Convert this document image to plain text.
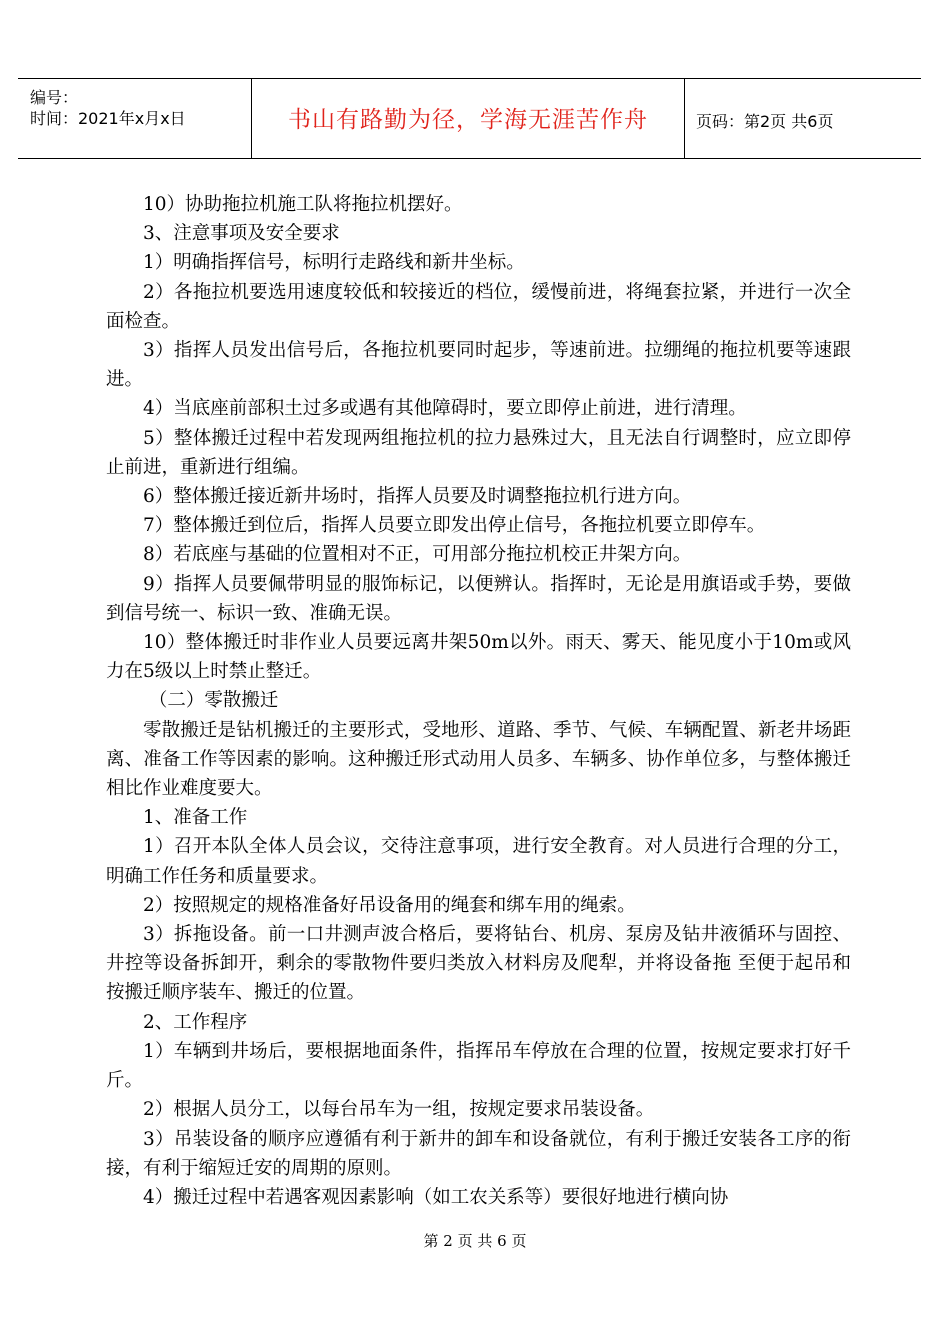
编号：
时间：2021年x月x日	书山有路勤为径，学海无涯苦作舟	页码：第2页 共6页

10）协助拖拉机施工队将拖拉机摆好。

3、注意事项及安全要求

1）明确指挥信号，标明行走路线和新井坐标。

2）各拖拉机要选用速度较低和较接近的档位，缓慢前进，将绳套拉紧，并进行一次全面检查。

3）指挥人员发出信号后，各拖拉机要同时起步，等速前进。拉绷绳的拖拉机要等速跟进。

4）当底座前部积土过多或遇有其他障碍时，要立即停止前进，进行清理。

5）整体搬迁过程中若发现两组拖拉机的拉力悬殊过大，且无法自行调整时，应立即停止前进，重新进行组编。

6）整体搬迁接近新井场时，指挥人员要及时调整拖拉机行进方向。

7）整体搬迁到位后，指挥人员要立即发出停止信号，各拖拉机要立即停车。

8）若底座与基础的位置相对不正，可用部分拖拉机校正井架方向。

9）指挥人员要佩带明显的服饰标记，以便辨认。指挥时，无论是用旗语或手势，要做到信号统一、标识一致、准确无误。

10）整体搬迁时非作业人员要远离井架50m以外。雨天、雾天、能见度小于10m或风力在5级以上时禁止整迁。

（二）零散搬迁

零散搬迁是钻机搬迁的主要形式，受地形、道路、季节、气候、车辆配置、新老井场距离、准备工作等因素的影响。这种搬迁形式动用人员多、车辆多、协作单位多，与整体搬迁相比作业难度要大。

1、准备工作

1）召开本队全体人员会议，交待注意事项，进行安全教育。对人员进行合理的分工，明确工作任务和质量要求。

2）按照规定的规格准备好吊设备用的绳套和绑车用的绳索。

3）拆拖设备。前一口井测声波合格后，要将钻台、机房、泵房及钻井液循环与固控、井控等设备拆卸开，剩余的零散物件要归类放入材料房及爬犁，并将设备拖 至便于起吊和按搬迁顺序装车、搬迁的位置。

2、工作程序

1）车辆到井场后，要根据地面条件，指挥吊车停放在合理的位置，按规定要求打好千斤。

2）根据人员分工，以每台吊车为一组，按规定要求吊装设备。

3）吊装设备的顺序应遵循有利于新井的卸车和设备就位，有利于搬迁安装各工序的衔接，有利于缩短迁安的周期的原则。

4）搬迁过程中若遇客观因素影响（如工农关系等）要很好地进行横向协

第 2 页 共 6 页
